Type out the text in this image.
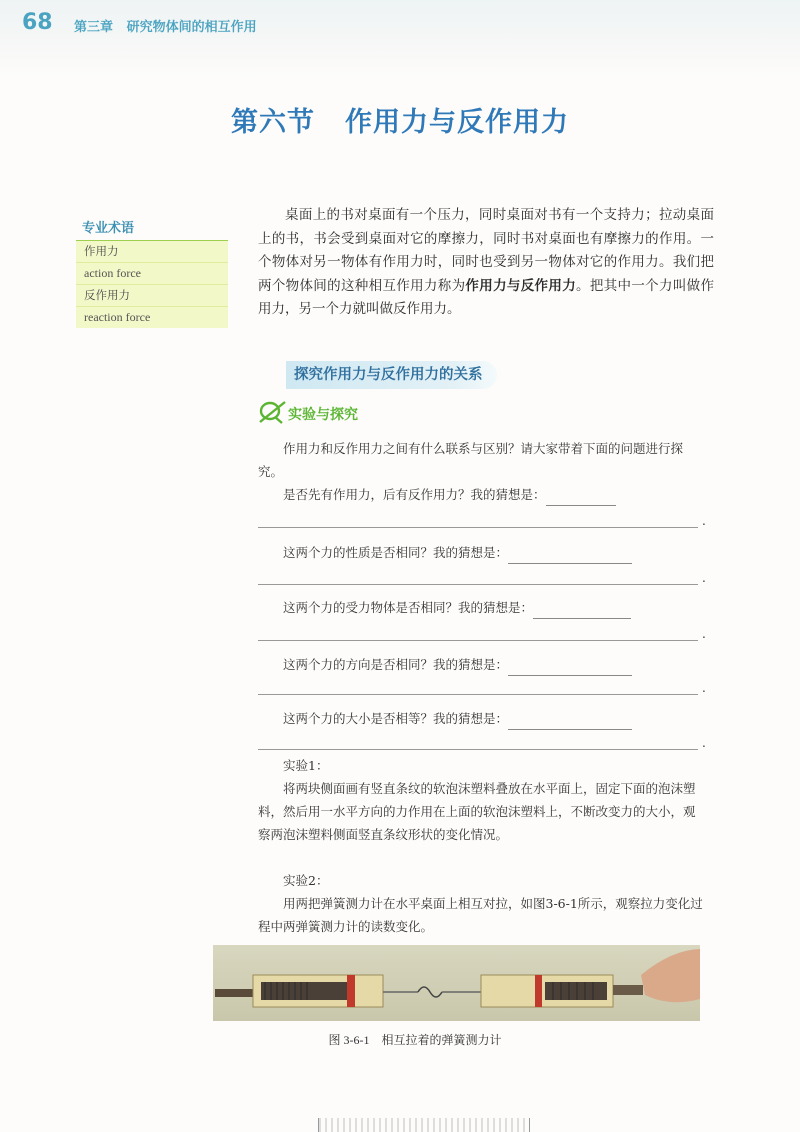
68 第三章 研究物体间的相互作用
第六节 作用力与反作用力
专业术语
作用力
action force
反作用力
reaction force

桌面上的书对桌面有一个压力，同时桌面对书有一个支持力；拉动桌面上的书，书会受到桌面对它的摩擦力，同时书对桌面也有摩擦力的作用。一个物体对另一物体有作用力时，同时也受到另一物体对它的作用力。我们把两个物体间的这种相互作用力称为作用力与反作用力。把其中一个力叫做作用力，另一个力就叫做反作用力。

探究作用力与反作用力的关系
实验与探究
作用力和反作用力之间有什么联系与区别？请大家带着下面的问题进行探究。
是否先有作用力，后有反作用力？我的猜想是：
.
这两个力的性质是否相同？我的猜想是：
.
这两个力的受力物体是否相同？我的猜想是：
.
这两个力的方向是否相同？我的猜想是：
.
这两个力的大小是否相等？我的猜想是：
.
实验1：
将两块侧面画有竖直条纹的软泡沫塑料叠放在水平面上，固定下面的泡沫塑料，然后用一水平方向的力作用在上面的软泡沫塑料上，不断改变力的大小，观察两泡沫塑料侧面竖直条纹形状的变化情况。
实验2：
用两把弹簧测力计在水平桌面上相互对拉，如图3-6-1所示，观察拉力变化过程中两弹簧测力计的读数变化。
图 3-6-1 相互拉着的弹簧测力计
